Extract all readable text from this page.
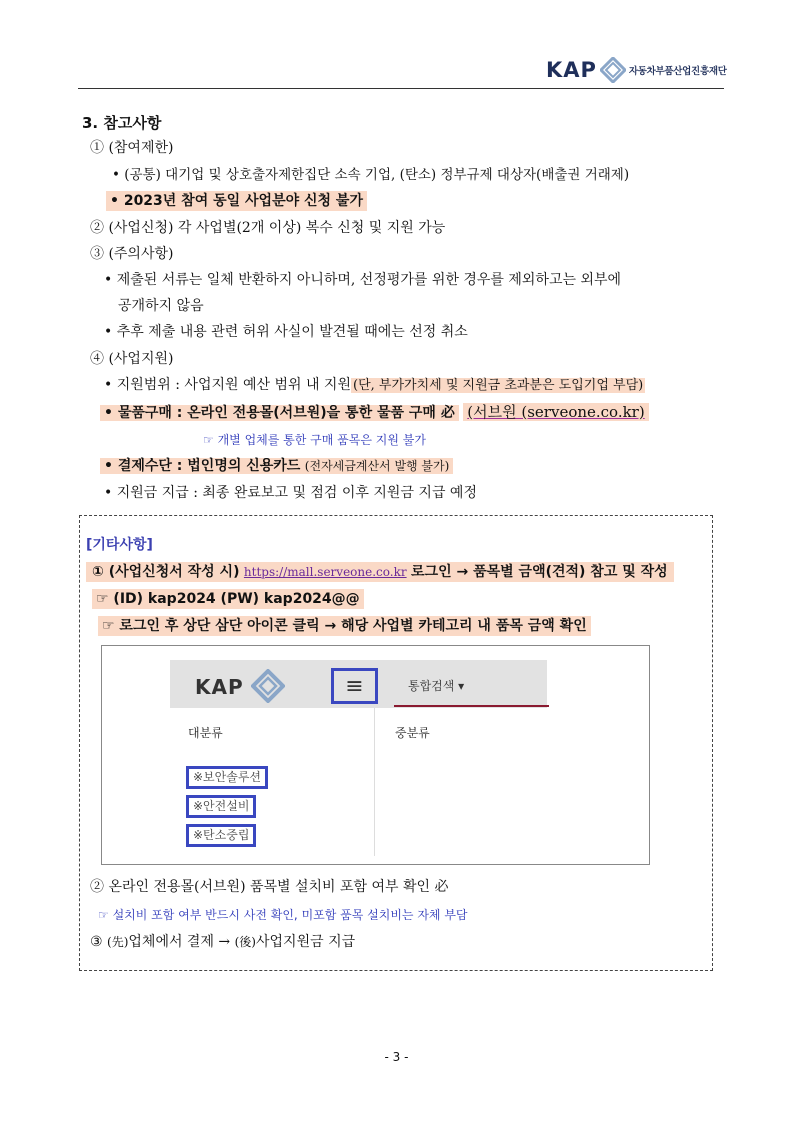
KAP	자동차부품산업진흥재단
3. 참고사항
① (참여제한)
• (공통) 대기업 및 상호출자제한집단 소속 기업, (탄소) 정부규제 대상자(배출권 거래제)
• 2023년 참여 동일 사업분야 신청 불가
② (사업신청) 각 사업별(2개 이상) 복수 신청 및 지원 가능
③ (주의사항)
• 제출된 서류는 일체 반환하지 아니하며, 선정평가를 위한 경우를 제외하고는 외부에
공개하지 않음
• 추후 제출 내용 관련 허위 사실이 발견될 때에는 선정 취소
④ (사업지원)
• 지원범위 : 사업지원 예산 범위 내 지원 (단, 부가가치세 및 지원금 초과분은 도입기업 부담)
• 물품구매 : 온라인 전용몰(서브원)을 통한 물품 구매 必 (서브원 (serveone.co.kr)
☞ 개별 업체를 통한 구매 품목은 지원 불가
• 결제수단 : 법인명의 신용카드 (전자세금계산서 발행 불가)
• 지원금 지급 : 최종 완료보고 및 점검 이후 지원금 지급 예정
[기타사항]
① (사업신청서 작성 시) https://mall.serveone.co.kr 로그인 → 품목별 금액(견적) 참고 및 작성
☞ (ID) kap2024 (PW) kap2024@@
☞ 로그인 후 상단 삼단 아이콘 클릭 → 해당 사업별 카테고리 내 품목 금액 확인
KAP	≡	통합검색 ▾
대분류	중분류
※보안솔루션
※안전설비
※탄소중립
② 온라인 전용몰(서브원) 품목별 설치비 포함 여부 확인 必
☞ 설치비 포함 여부 반드시 사전 확인, 미포함 품목 설치비는 자체 부담
③ (先)업체에서 결제 → (後)사업지원금 지급
- 3 -
